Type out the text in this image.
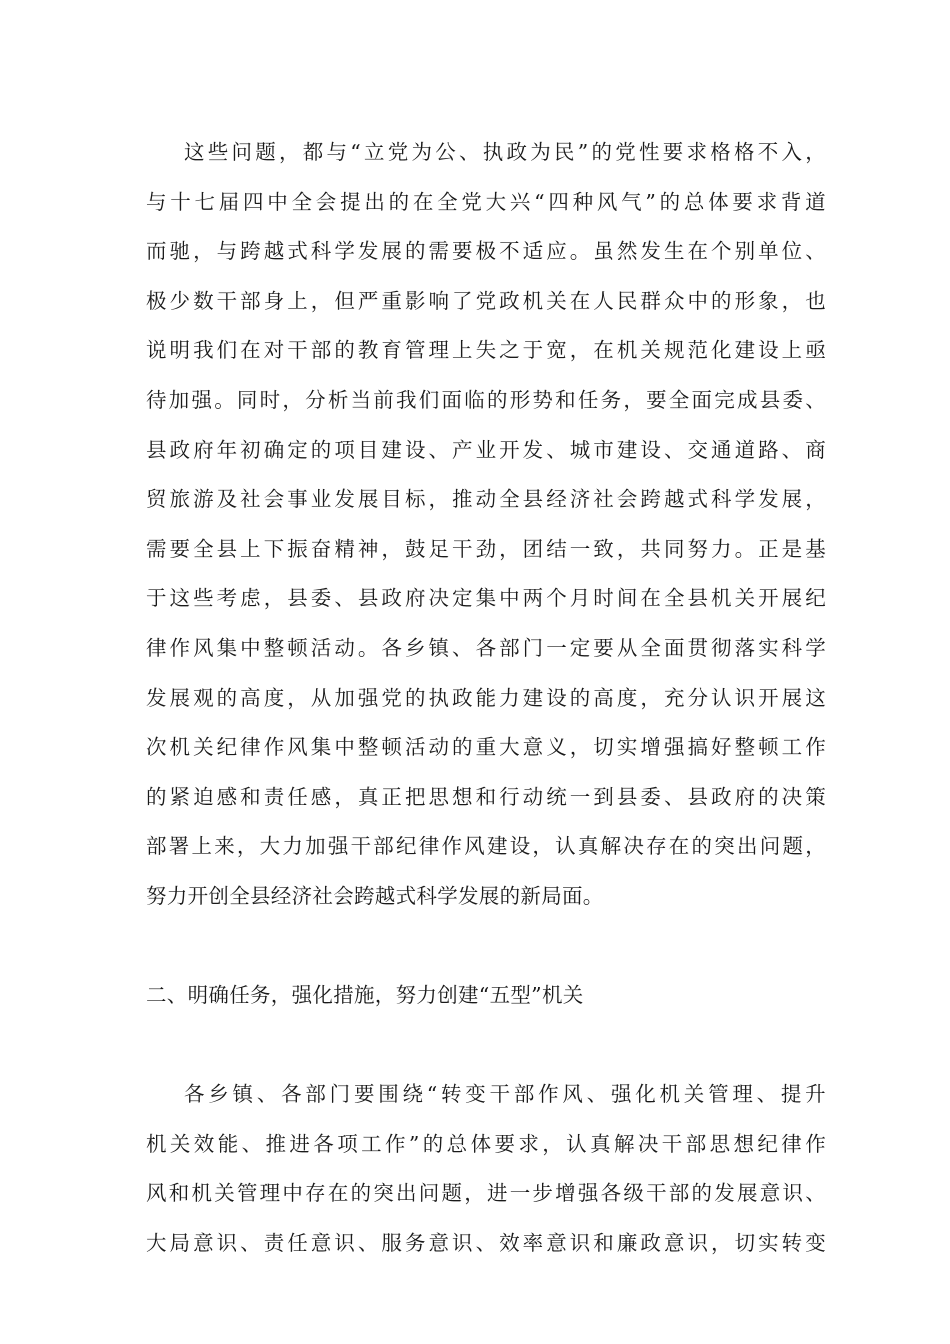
这些问题，都与“立党为公、执政为民”的党性要求格格不入，
与十七届四中全会提出的在全党大兴“四种风气”的总体要求背道
而驰，与跨越式科学发展的需要极不适应。虽然发生在个别单位、
极少数干部身上，但严重影响了党政机关在人民群众中的形象，也
说明我们在对干部的教育管理上失之于宽，在机关规范化建设上亟
待加强。同时，分析当前我们面临的形势和任务，要全面完成县委、
县政府年初确定的项目建设、产业开发、城市建设、交通道路、商
贸旅游及社会事业发展目标，推动全县经济社会跨越式科学发展，
需要全县上下振奋精神，鼓足干劲，团结一致，共同努力。正是基
于这些考虑，县委、县政府决定集中两个月时间在全县机关开展纪
律作风集中整顿活动。各乡镇、各部门一定要从全面贯彻落实科学
发展观的高度，从加强党的执政能力建设的高度，充分认识开展这
次机关纪律作风集中整顿活动的重大意义，切实增强搞好整顿工作
的紧迫感和责任感，真正把思想和行动统一到县委、县政府的决策
部署上来，大力加强干部纪律作风建设，认真解决存在的突出问题，
努力开创全县经济社会跨越式科学发展的新局面。
二、明确任务，强化措施，努力创建“五型”机关
各乡镇、各部门要围绕“转变干部作风、强化机关管理、提升
机关效能、推进各项工作”的总体要求，认真解决干部思想纪律作
风和机关管理中存在的突出问题，进一步增强各级干部的发展意识、
大局意识、责任意识、服务意识、效率意识和廉政意识，切实转变
